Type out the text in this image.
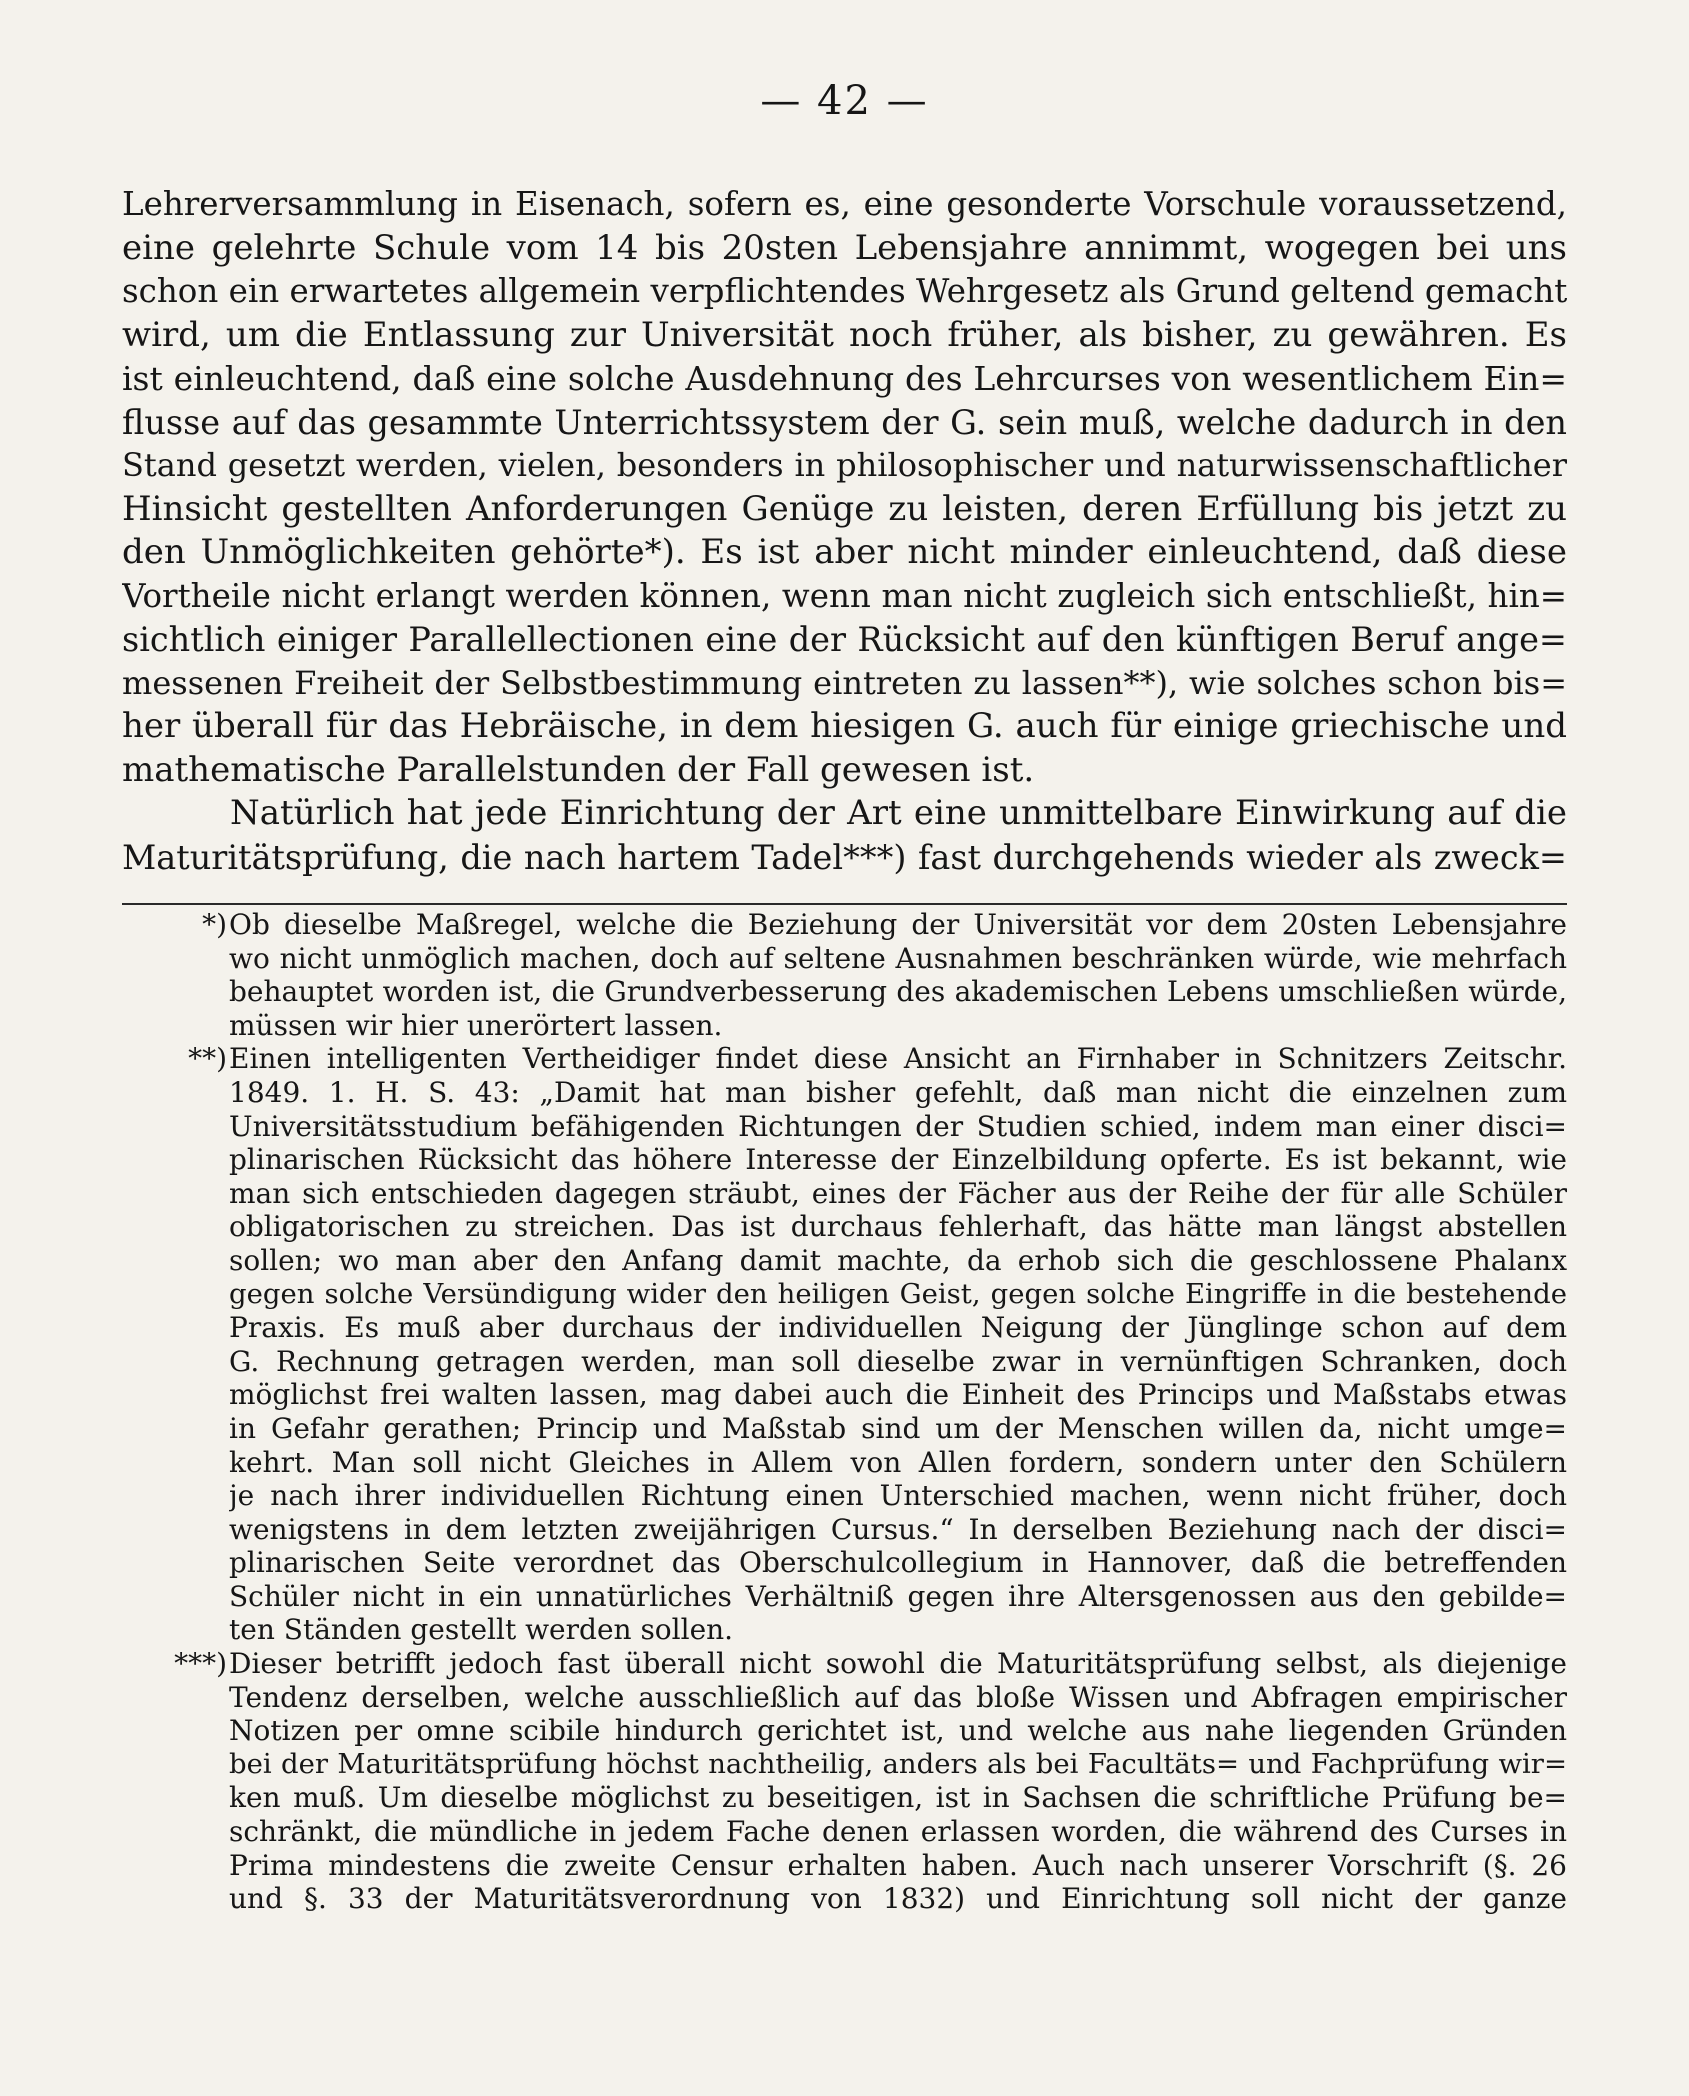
— 42 —
Lehrerversammlung in Eisenach, sofern es, eine gesonderte Vorschule voraussetzend,
eine gelehrte Schule vom 14 bis 20sten Lebensjahre annimmt, wogegen bei uns
schon ein erwartetes allgemein verpflichtendes Wehrgesetz als Grund geltend gemacht
wird, um die Entlassung zur Universität noch früher, als bisher, zu gewähren. Es
ist einleuchtend, daß eine solche Ausdehnung des Lehrcurses von wesentlichem Ein=
flusse auf das gesammte Unterrichtssystem der G. sein muß, welche dadurch in den
Stand gesetzt werden, vielen, besonders in philosophischer und naturwissenschaftlicher
Hinsicht gestellten Anforderungen Genüge zu leisten, deren Erfüllung bis jetzt zu
den Unmöglichkeiten gehörte*). Es ist aber nicht minder einleuchtend, daß diese
Vortheile nicht erlangt werden können, wenn man nicht zugleich sich entschließt, hin=
sichtlich einiger Parallellectionen eine der Rücksicht auf den künftigen Beruf ange=
messenen Freiheit der Selbstbestimmung eintreten zu lassen**), wie solches schon bis=
her überall für das Hebräische, in dem hiesigen G. auch für einige griechische und
mathematische Parallelstunden der Fall gewesen ist.
Natürlich hat jede Einrichtung der Art eine unmittelbare Einwirkung auf die
Maturitätsprüfung, die nach hartem Tadel***) fast durchgehends wieder als zweck=
*) Ob dieselbe Maßregel, welche die Beziehung der Universität vor dem 20sten Lebensjahre
wo nicht unmöglich machen, doch auf seltene Ausnahmen beschränken würde, wie mehrfach
behauptet worden ist, die Grundverbesserung des akademischen Lebens umschließen würde,
müssen wir hier unerörtert lassen.
**) Einen intelligenten Vertheidiger findet diese Ansicht an Firnhaber in Schnitzers Zeitschr.
1849. 1. H. S. 43: „Damit hat man bisher gefehlt, daß man nicht die einzelnen zum
Universitätsstudium befähigenden Richtungen der Studien schied, indem man einer disci=
plinarischen Rücksicht das höhere Interesse der Einzelbildung opferte. Es ist bekannt, wie
man sich entschieden dagegen sträubt, eines der Fächer aus der Reihe der für alle Schüler
obligatorischen zu streichen. Das ist durchaus fehlerhaft, das hätte man längst abstellen
sollen; wo man aber den Anfang damit machte, da erhob sich die geschlossene Phalanx
gegen solche Versündigung wider den heiligen Geist, gegen solche Eingriffe in die bestehende
Praxis. Es muß aber durchaus der individuellen Neigung der Jünglinge schon auf dem
G. Rechnung getragen werden, man soll dieselbe zwar in vernünftigen Schranken, doch
möglichst frei walten lassen, mag dabei auch die Einheit des Princips und Maßstabs etwas
in Gefahr gerathen; Princip und Maßstab sind um der Menschen willen da, nicht umge=
kehrt. Man soll nicht Gleiches in Allem von Allen fordern, sondern unter den Schülern
je nach ihrer individuellen Richtung einen Unterschied machen, wenn nicht früher, doch
wenigstens in dem letzten zweijährigen Cursus.“ In derselben Beziehung nach der disci=
plinarischen Seite verordnet das Oberschulcollegium in Hannover, daß die betreffenden
Schüler nicht in ein unnatürliches Verhältniß gegen ihre Altersgenossen aus den gebilde=
ten Ständen gestellt werden sollen.
***) Dieser betrifft jedoch fast überall nicht sowohl die Maturitätsprüfung selbst, als diejenige
Tendenz derselben, welche ausschließlich auf das bloße Wissen und Abfragen empirischer
Notizen per omne scibile hindurch gerichtet ist, und welche aus nahe liegenden Gründen
bei der Maturitätsprüfung höchst nachtheilig, anders als bei Facultäts= und Fachprüfung wir=
ken muß. Um dieselbe möglichst zu beseitigen, ist in Sachsen die schriftliche Prüfung be=
schränkt, die mündliche in jedem Fache denen erlassen worden, die während des Curses in
Prima mindestens die zweite Censur erhalten haben. Auch nach unserer Vorschrift (§. 26
und §. 33 der Maturitätsverordnung von 1832) und Einrichtung soll nicht der ganze
